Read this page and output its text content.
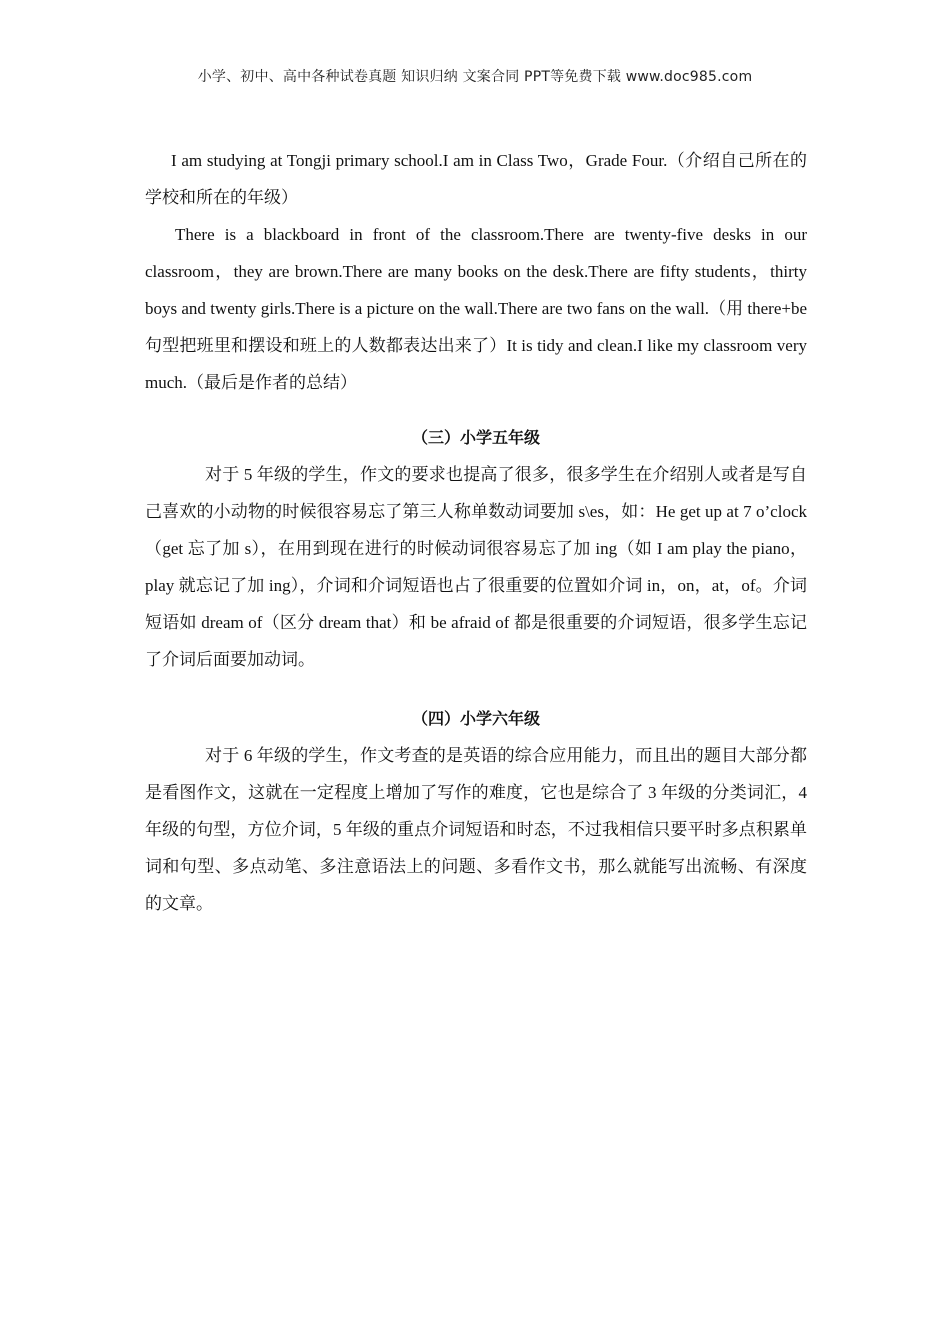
小学、初中、高中各种试卷真题 知识归纳 文案合同 PPT等免费下载 www.doc985.com

I am studying at Tongji primary school.I am in Class Two，Grade Four.（介绍自己所在的学校和所在的年级）

There is a blackboard in front of the classroom.There are twenty-five desks in our classroom，they are brown.There are many books on the desk.There are fifty students，thirty boys and twenty girls.There is a picture on the wall.There are two fans on the wall.（用 there+be 句型把班里和摆设和班上的人数都表达出来了）It is tidy and clean.I like my classroom very much.（最后是作者的总结）

（三）小学五年级

对于 5 年级的学生，作文的要求也提高了很多，很多学生在介绍别人或者是写自己喜欢的小动物的时候很容易忘了第三人称单数动词要加 s\es，如：He get up at 7 o’clock（get 忘了加 s），在用到现在进行的时候动词很容易忘了加 ing（如 I am play the piano，play 就忘记了加 ing），介词和介词短语也占了很重要的位置如介词 in，on，at，of。介词短语如 dream of（区分 dream that）和 be afraid of 都是很重要的介词短语，很多学生忘记了介词后面要加动词。

（四）小学六年级

对于 6 年级的学生，作文考查的是英语的综合应用能力，而且出的题目大部分都是看图作文，这就在一定程度上增加了写作的难度，它也是综合了 3 年级的分类词汇，4 年级的句型，方位介词，5 年级的重点介词短语和时态，不过我相信只要平时多点积累单词和句型、多点动笔、多注意语法上的问题、多看作文书，那么就能写出流畅、有深度的文章。
